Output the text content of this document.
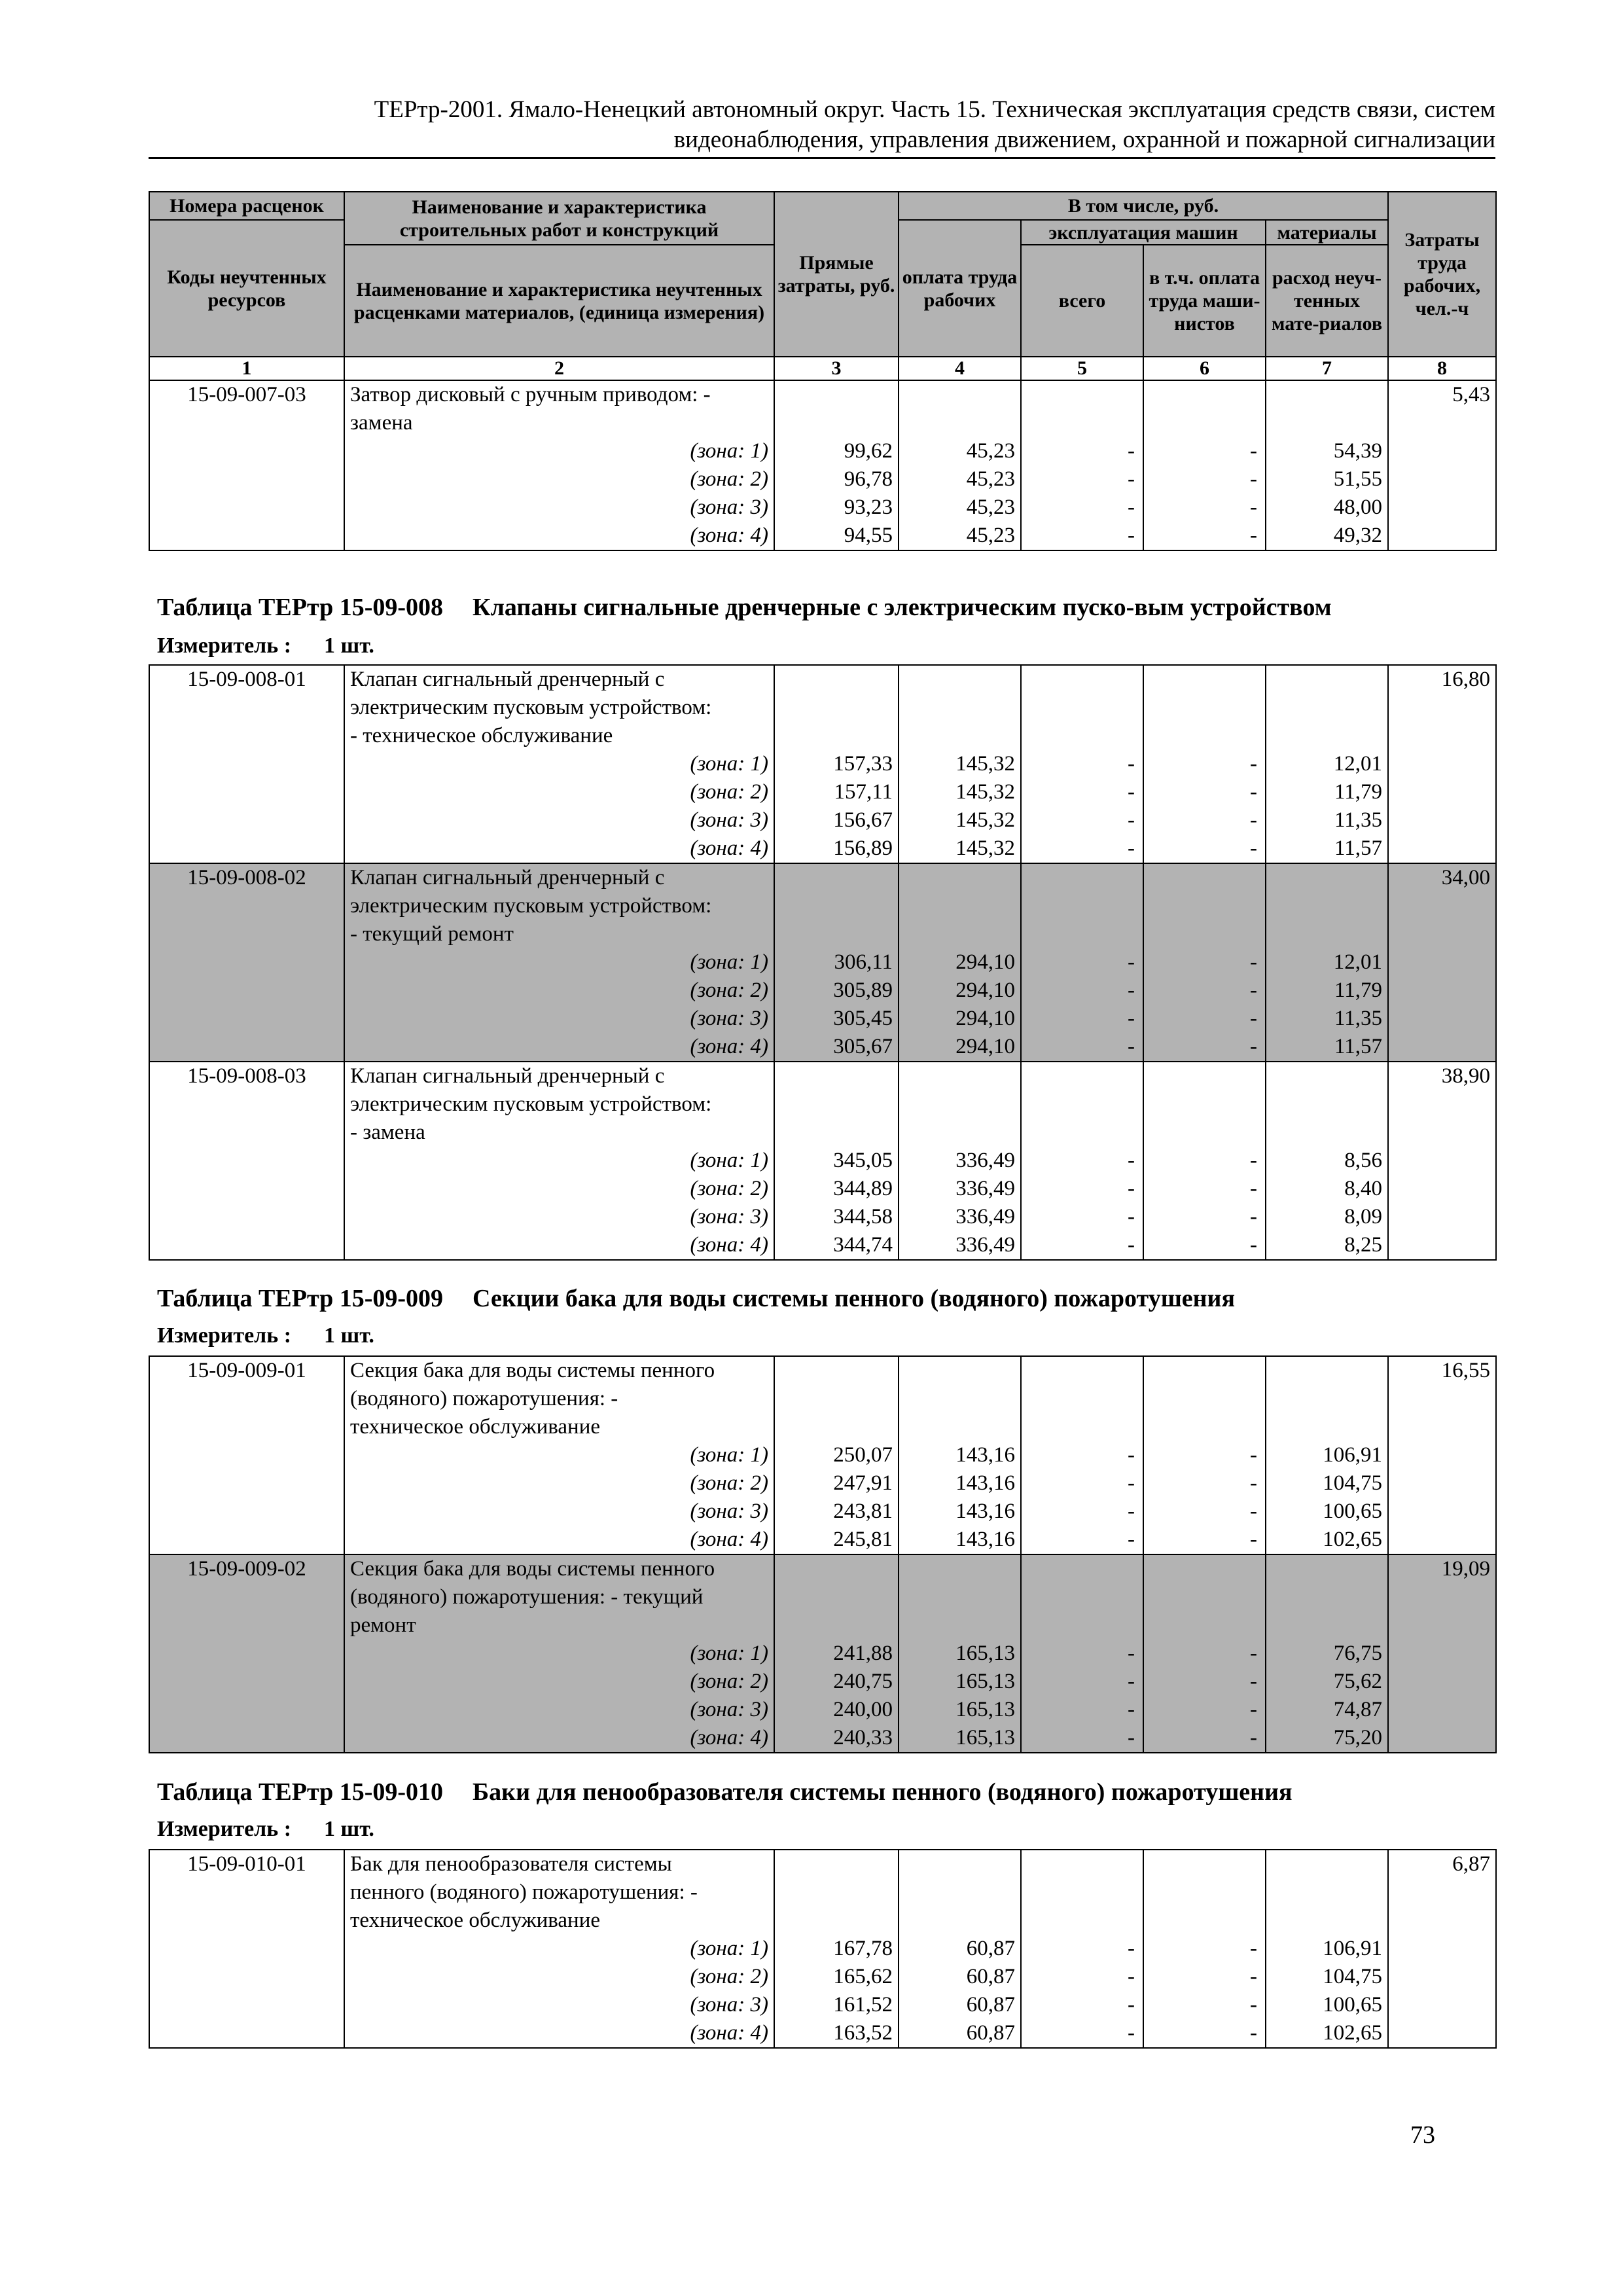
ТЕРтр-2001. Ямало-Ненецкий автономный округ. Часть 15. Техническая эксплуатация средств связи, систем
видеонаблюдения, управления движением, охранной и пожарной сигнализации
Номера расценок	Наименование и характеристика строительных работ и конструкций	Прямые затраты, руб.	В том числе, руб.				Затраты труда рабочих, чел.-ч
Коды неучтенных ресурсов			оплата труда рабочих	эксплуатация машин		материалы	
	Наименование и характеристика неучтенных расценками материалов, (единица измерения)			всего	в т.ч. оплата труда маши-нистов	расход неуч-тенных мате-риалов	

1	2	3	4	5	6	7	8
15-09-007-03	Затвор дисковый с ручным приводом: -						5,43
	замена						
	(зона: 1)	99,62	45,23	-	-	54,39	
	(зона: 2)	96,78	45,23	-	-	51,55	
	(зона: 3)	93,23	45,23	-	-	48,00	
	(зона: 4)	94,55	45,23	-	-	49,32	
Таблица ТЕРтр 15-09-008 Клапаны сигнальные дренчерные с электрическим пуско-вым устройством
Измеритель : 1 шт.
15-09-008-01	Клапан сигнальный дренчерный с						16,80
	электрическим пусковым устройством:						
	- техническое обслуживание						
	(зона: 1)	157,33	145,32	-	-	12,01	
	(зона: 2)	157,11	145,32	-	-	11,79	
	(зона: 3)	156,67	145,32	-	-	11,35	
	(зона: 4)	156,89	145,32	-	-	11,57	
15-09-008-02	Клапан сигнальный дренчерный с						34,00
	электрическим пусковым устройством:						
	- текущий ремонт						
	(зона: 1)	306,11	294,10	-	-	12,01	
	(зона: 2)	305,89	294,10	-	-	11,79	
	(зона: 3)	305,45	294,10	-	-	11,35	
	(зона: 4)	305,67	294,10	-	-	11,57	
15-09-008-03	Клапан сигнальный дренчерный с						38,90
	электрическим пусковым устройством:						
	- замена						
	(зона: 1)	345,05	336,49	-	-	8,56	
	(зона: 2)	344,89	336,49	-	-	8,40	
	(зона: 3)	344,58	336,49	-	-	8,09	
	(зона: 4)	344,74	336,49	-	-	8,25	
Таблица ТЕРтр 15-09-009 Секции бака для воды системы пенного (водяного) пожаротушения
Измеритель : 1 шт.
15-09-009-01	Секция бака для воды системы пенного						16,55
	(водяного) пожаротушения: -						
	техническое обслуживание						
	(зона: 1)	250,07	143,16	-	-	106,91	
	(зона: 2)	247,91	143,16	-	-	104,75	
	(зона: 3)	243,81	143,16	-	-	100,65	
	(зона: 4)	245,81	143,16	-	-	102,65	
15-09-009-02	Секция бака для воды системы пенного						19,09
	(водяного) пожаротушения: - текущий						
	ремонт						
	(зона: 1)	241,88	165,13	-	-	76,75	
	(зона: 2)	240,75	165,13	-	-	75,62	
	(зона: 3)	240,00	165,13	-	-	74,87	
	(зона: 4)	240,33	165,13	-	-	75,20	
Таблица ТЕРтр 15-09-010 Баки для пенообразователя системы пенного (водяного) пожаротушения
Измеритель : 1 шт.
15-09-010-01	Бак для пенообразователя системы						6,87
	пенного (водяного) пожаротушения: -						
	техническое обслуживание						
	(зона: 1)	167,78	60,87	-	-	106,91	
	(зона: 2)	165,62	60,87	-	-	104,75	
	(зона: 3)	161,52	60,87	-	-	100,65	
	(зона: 4)	163,52	60,87	-	-	102,65	
73
